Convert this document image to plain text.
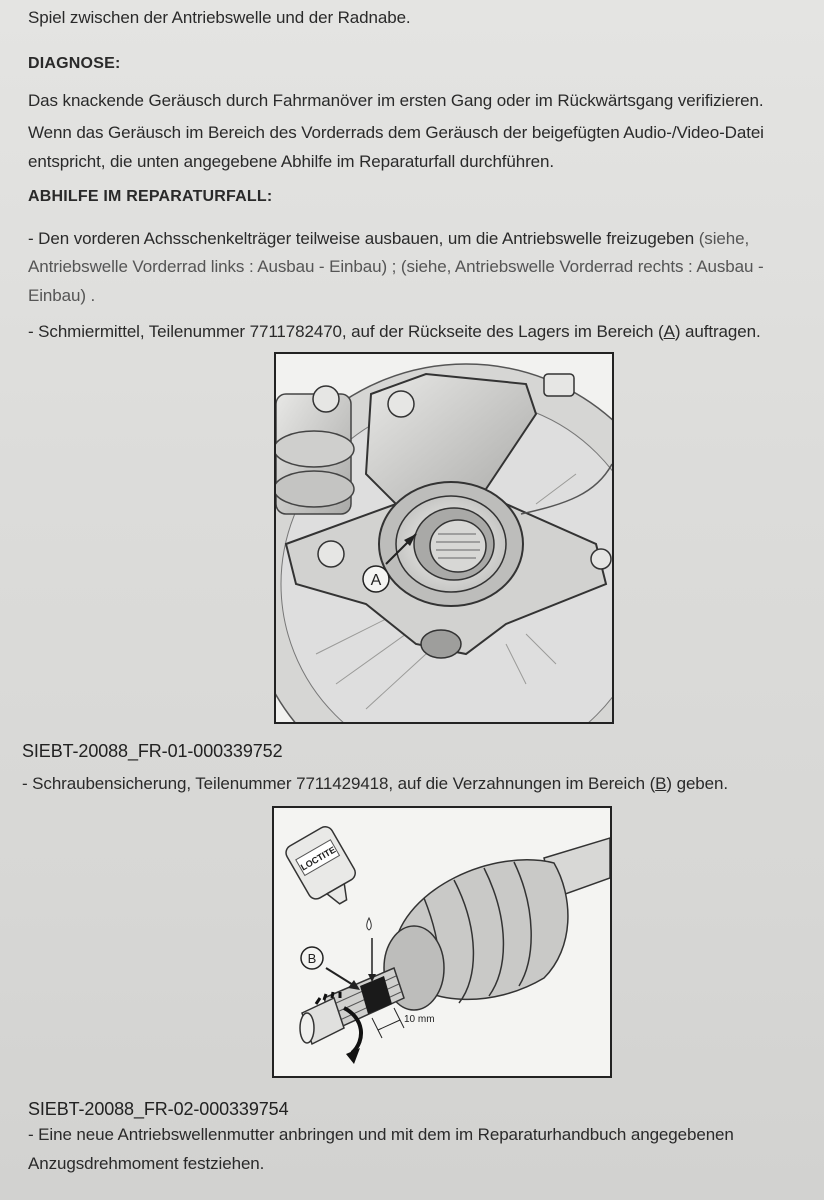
Spiel zwischen der Antriebswelle und der Radnabe.
DIAGNOSE:
Das knackende Geräusch durch Fahrmanöver im ersten Gang oder im Rückwärtsgang verifizieren.
Wenn das Geräusch im Bereich des Vorderrads dem Geräusch der beigefügten Audio-/Video-Datei
entspricht, die unten angegebene Abhilfe im Reparaturfall durchführen.
ABHILFE IM REPARATURFALL:
- Den vorderen Achsschenkelträger teilweise ausbauen, um die Antriebswelle freizugeben (siehe,
Antriebswelle Vorderrad links : Ausbau - Einbau) ; (siehe, Antriebswelle Vorderrad rechts : Ausbau -
Einbau) .
- Schmiermittel, Teilenummer 7711782470, auf der Rückseite des Lagers im Bereich (A) auftragen.
A
SIEBT-20088_FR-01-000339752
- Schraubensicherung, Teilenummer 7711429418, auf die Verzahnungen im Bereich (B) geben.
LOCTITE
B
10 mm
SIEBT-20088_FR-02-000339754
- Eine neue Antriebswellenmutter anbringen und mit dem im Reparaturhandbuch angegebenen
Anzugsdrehmoment festziehen.
